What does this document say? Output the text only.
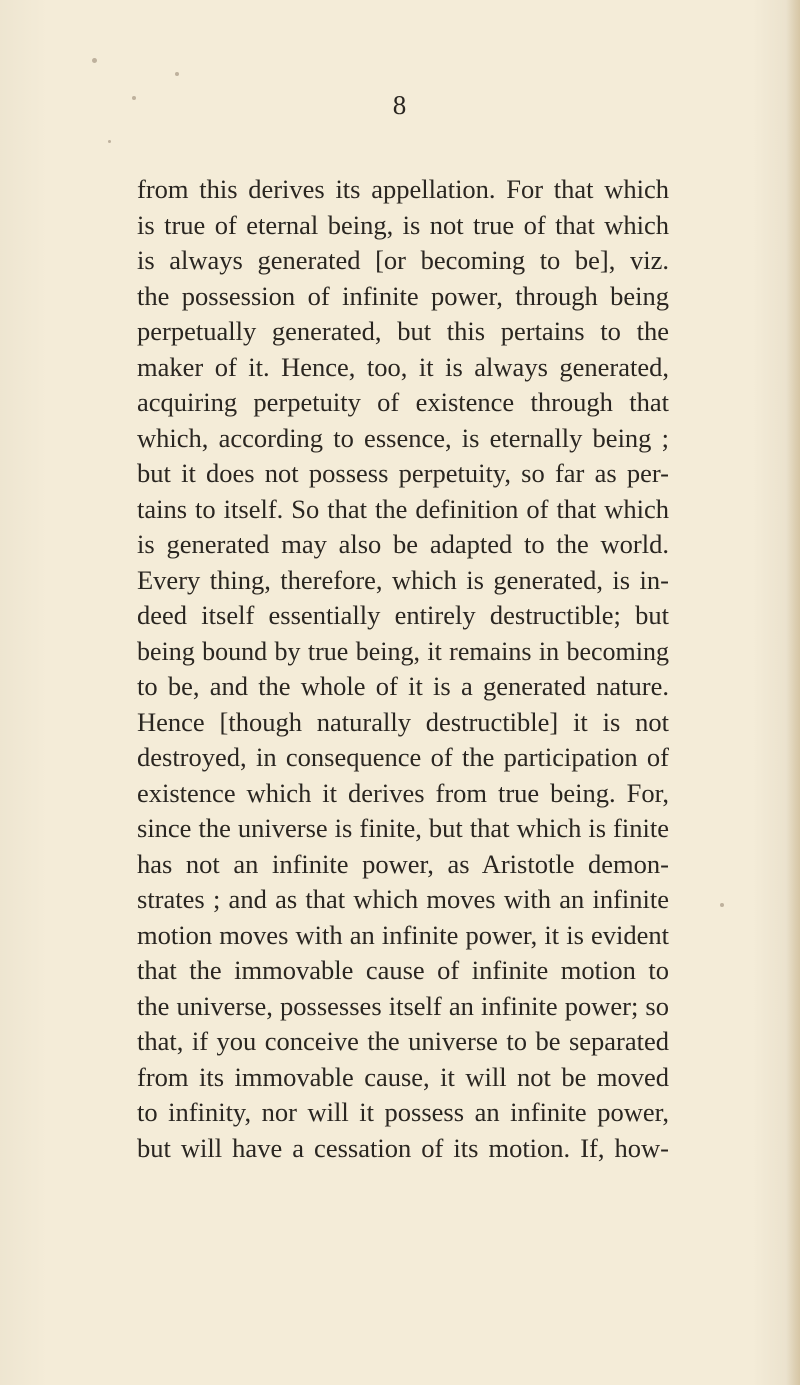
8
from this derives its appellation. For that which
is true of eternal being, is not true of that which
is always generated [or becoming to be], viz.
the possession of infinite power, through being
perpetually generated, but this pertains to the
maker of it. Hence, too, it is always generated,
acquiring perpetuity of existence through that
which, according to essence, is eternally being ;
but it does not possess perpetuity, so far as per-
tains to itself. So that the definition of that which
is generated may also be adapted to the world.
Every thing, therefore, which is generated, is in-
deed itself essentially entirely destructible; but
being bound by true being, it remains in becoming
to be, and the whole of it is a generated nature.
Hence [though naturally destructible] it is not
destroyed, in consequence of the participation of
existence which it derives from true being. For,
since the universe is finite, but that which is finite
has not an infinite power, as Aristotle demon-
strates ; and as that which moves with an infinite
motion moves with an infinite power, it is evident
that the immovable cause of infinite motion to
the universe, possesses itself an infinite power; so
that, if you conceive the universe to be separated
from its immovable cause, it will not be moved
to infinity, nor will it possess an infinite power,
but will have a cessation of its motion. If, how-
